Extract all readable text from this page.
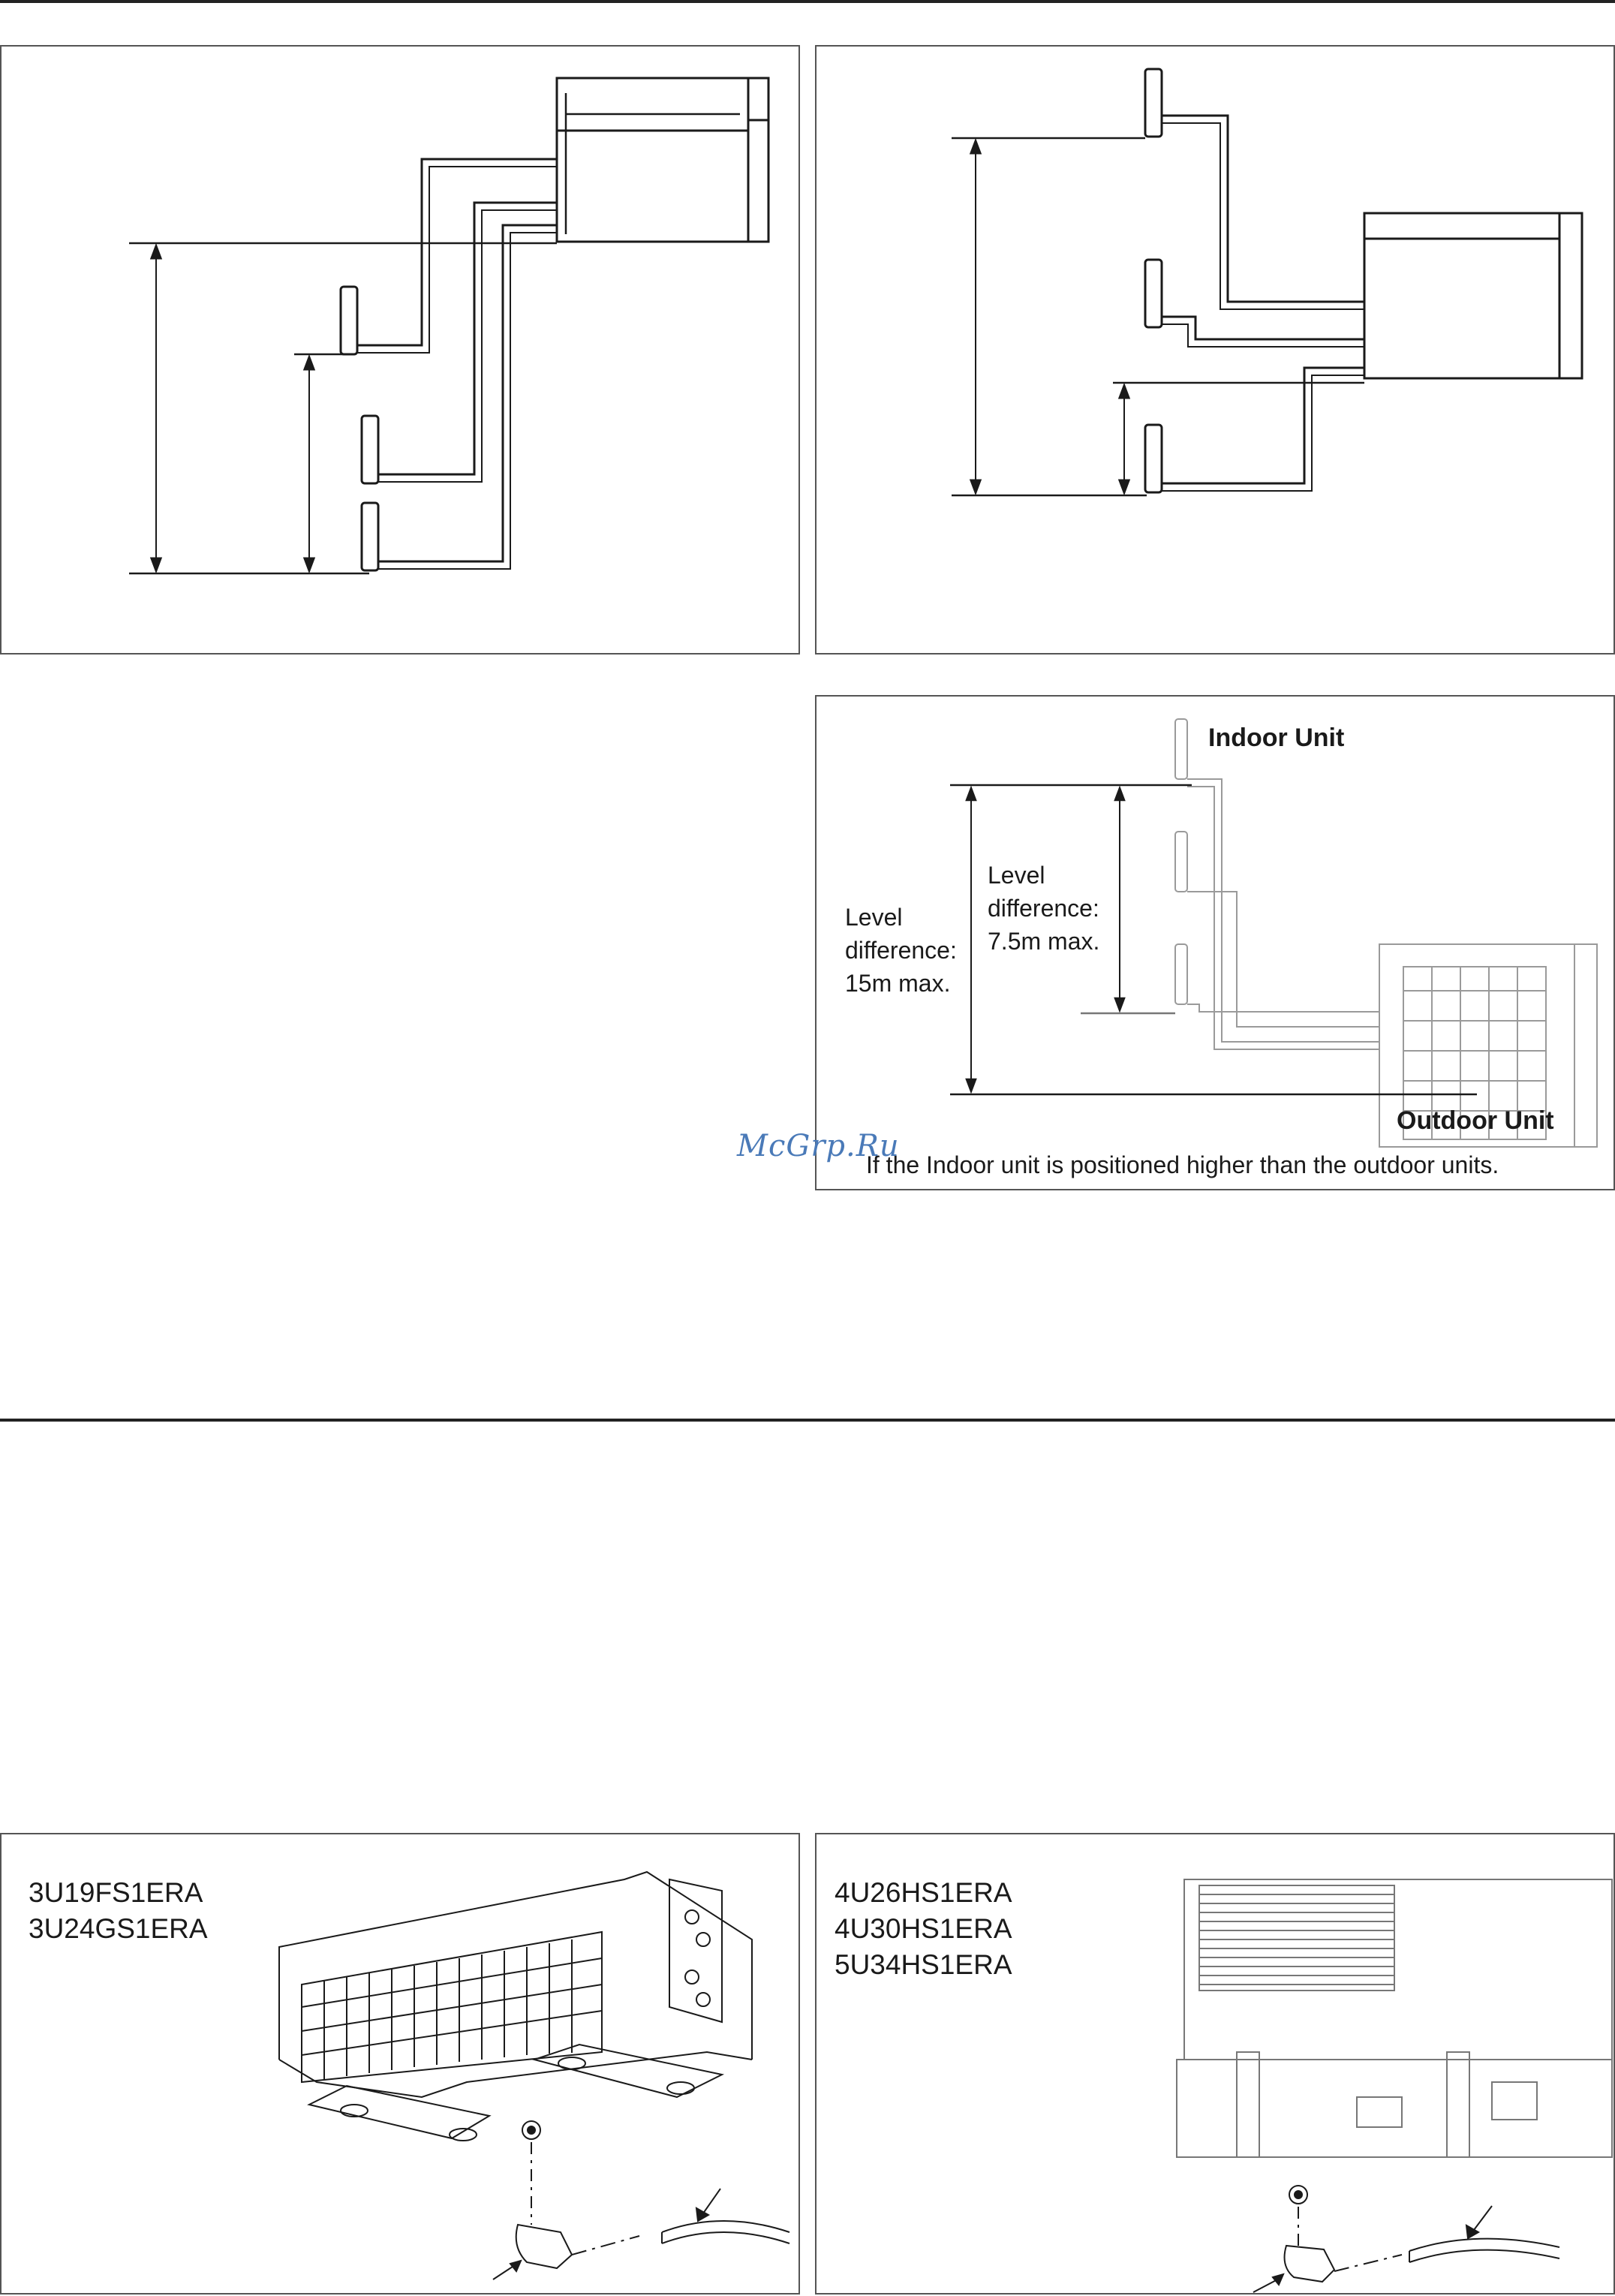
Indoor Unit
Level
difference:
15m max.
Level
difference:
7.5m max.
Outdoor Unit
If the Indoor unit is positioned higher than the outdoor units.
McGrp.Ru
3U19FS1ERA
3U24GS1ERA
4U26HS1ERA
4U30HS1ERA
5U34HS1ERA
